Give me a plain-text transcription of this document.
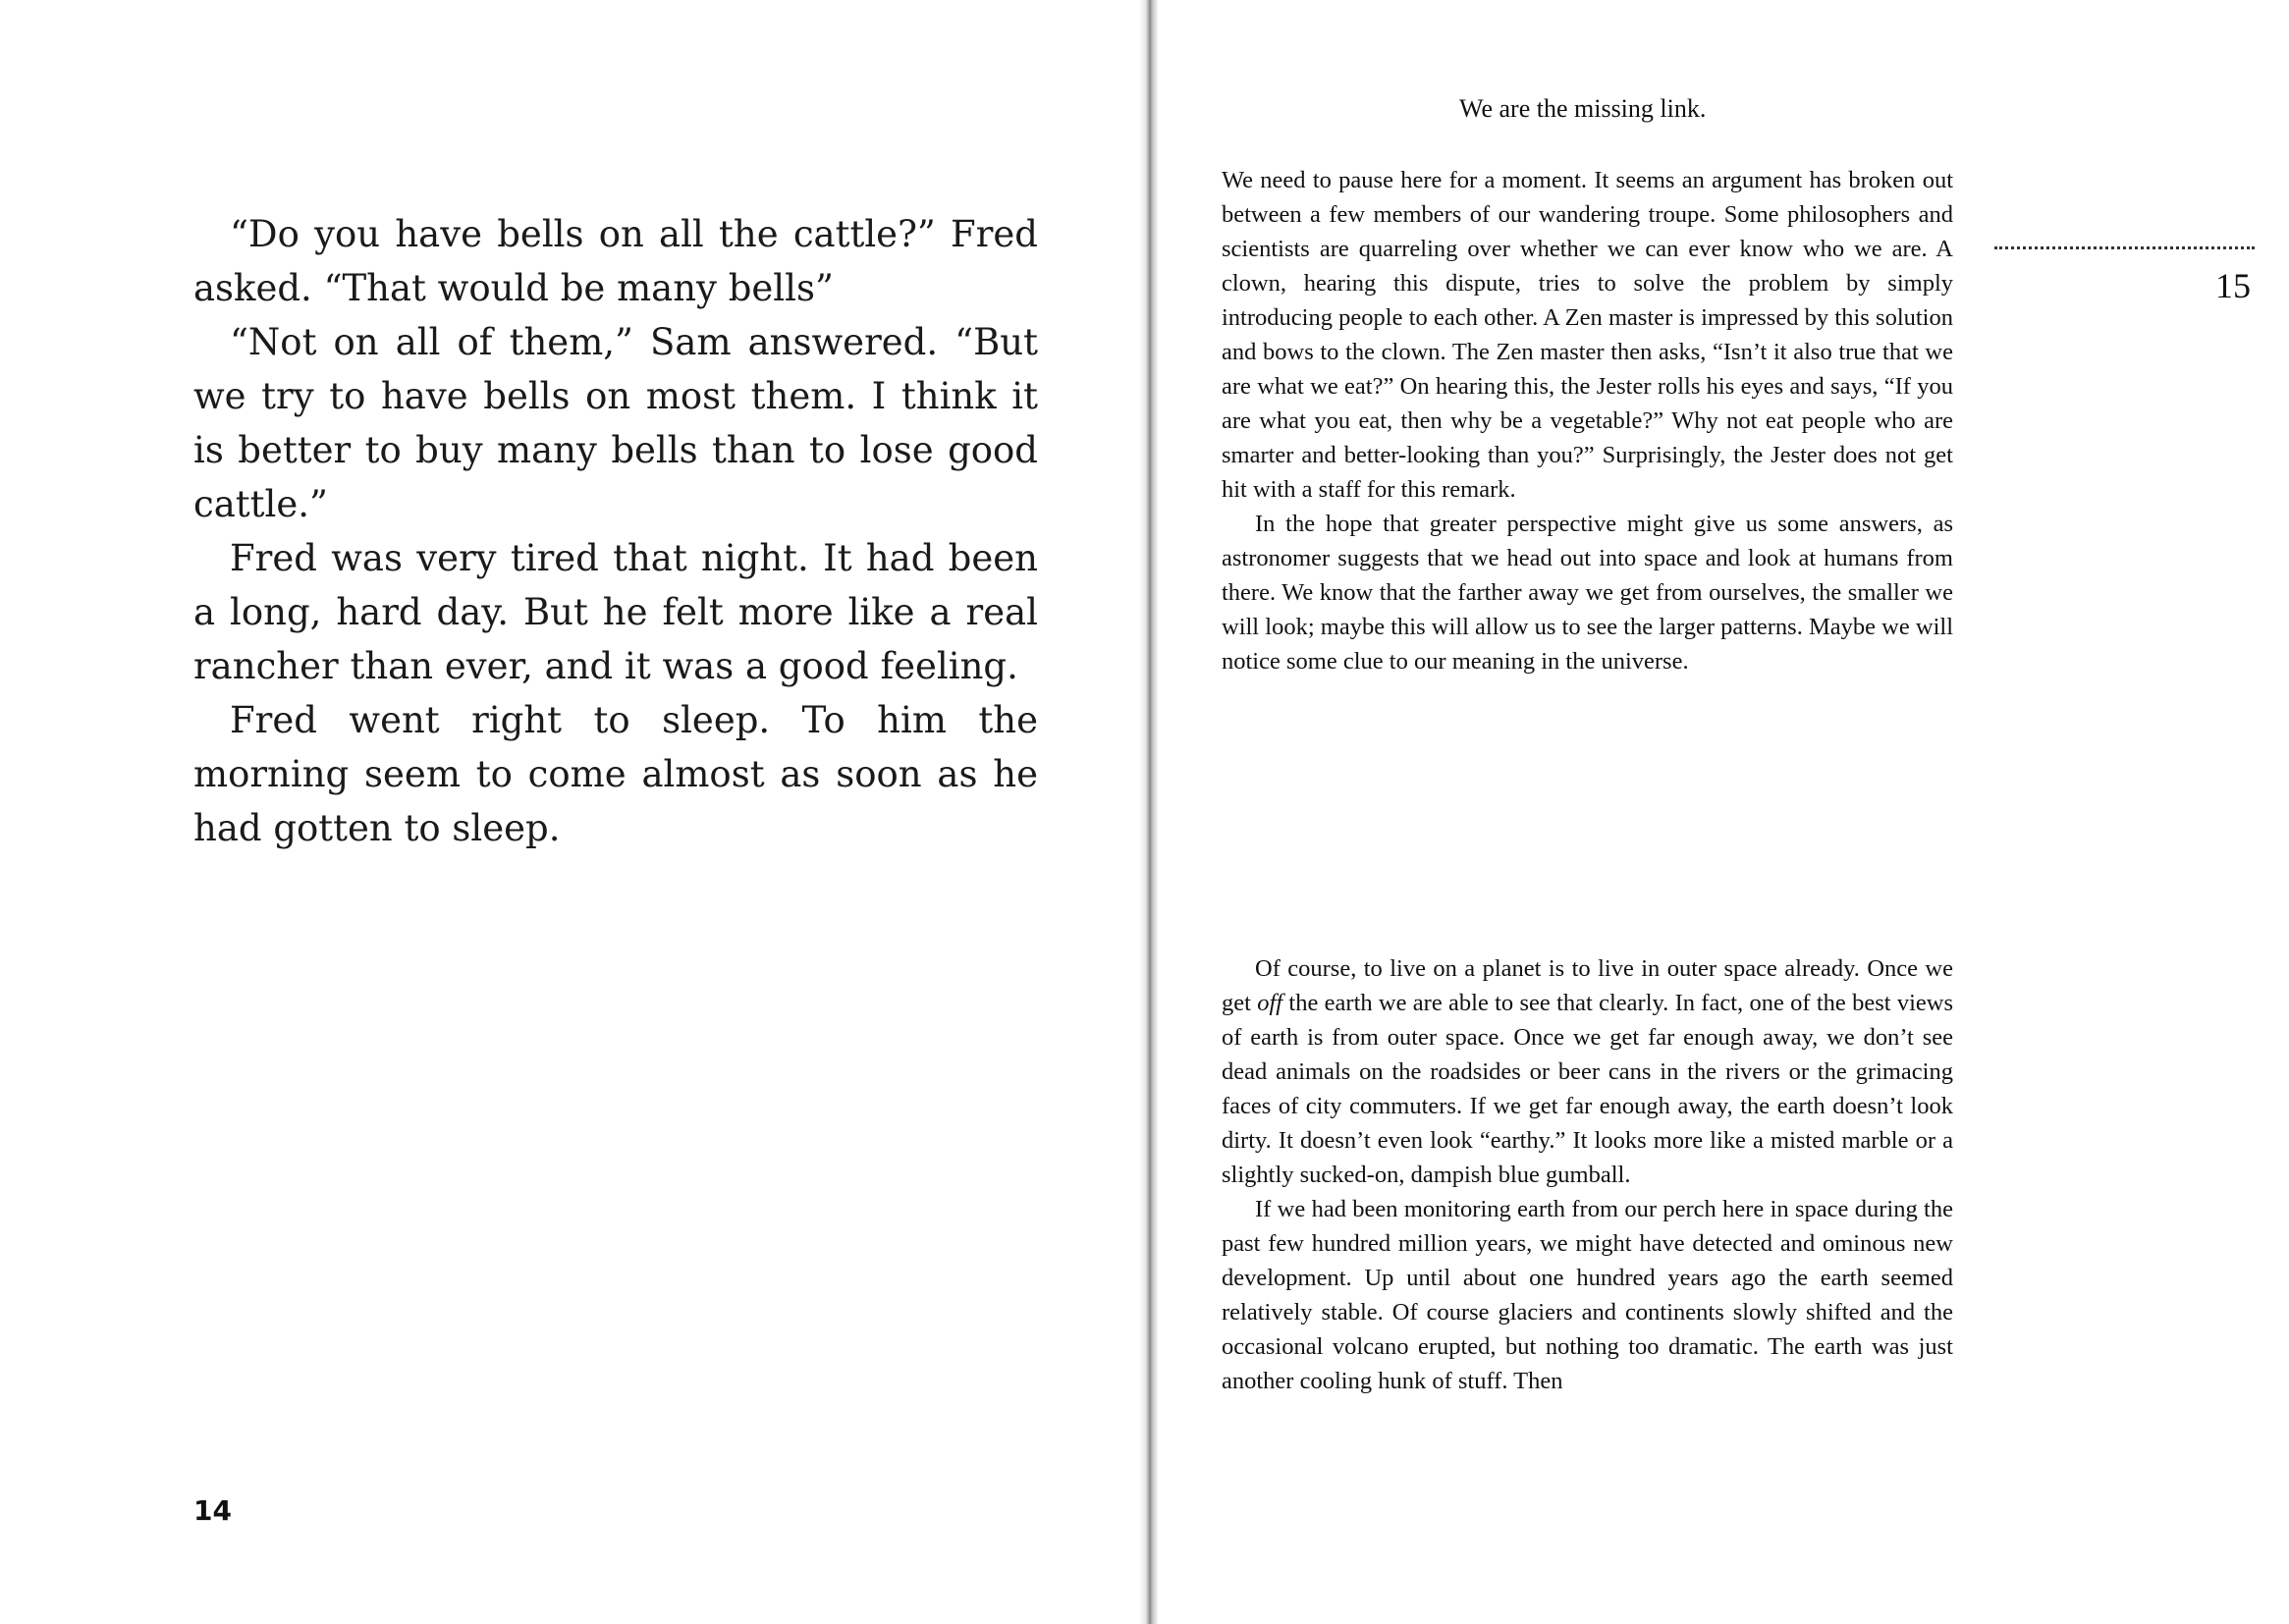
“Do you have bells on all the cattle?” Fred asked. “That would be many bells”

“Not on all of them,” Sam answered. “But we try to have bells on most them. I think it is better to buy many bells than to lose good cattle.”

Fred was very tired that night. It had been a long, hard day. But he felt more like a real rancher than ever, and it was a good feeling.

Fred went right to sleep. To him the morning seem to come almost as soon as he had gotten to sleep.

14
We are the missing link.

We need to pause here for a moment. It seems an argument has broken out between a few members of our wandering troupe. Some philosophers and scientists are quarreling over whether we can ever know who we are. A clown, hearing this dispute, tries to solve the problem by simply introducing people to each other. A Zen master is impressed by this solution and bows to the clown. The Zen master then asks, “Isn’t it also true that we are what we eat?” On hearing this, the Jester rolls his eyes and says, “If you are what you eat, then why be a vegetable?” Why not eat people who are smarter and better-looking than you?” Surprisingly, the Jester does not get hit with a staff for this remark.

In the hope that greater perspective might give us some answers, as astronomer suggests that we head out into space and look at humans from there. We know that the farther away we get from ourselves, the smaller we will look; maybe this will allow us to see the larger patterns. Maybe we will notice some clue to our meaning in the universe.

15

Of course, to live on a planet is to live in outer space already. Once we get off the earth we are able to see that clearly. In fact, one of the best views of earth is from outer space. Once we get far enough away, we don’t see dead animals on the roadsides or beer cans in the rivers or the grimacing faces of city commuters. If we get far enough away, the earth doesn’t look dirty. It doesn’t even look “earthy.” It looks more like a misted marble or a slightly sucked-on, dampish blue gumball.

If we had been monitoring earth from our perch here in space during the past few hundred million years, we might have detected and ominous new development. Up until about one hundred years ago the earth seemed relatively stable. Of course glaciers and continents slowly shifted and the occasional volcano erupted, but nothing too dramatic. The earth was just another cooling hunk of stuff. Then
